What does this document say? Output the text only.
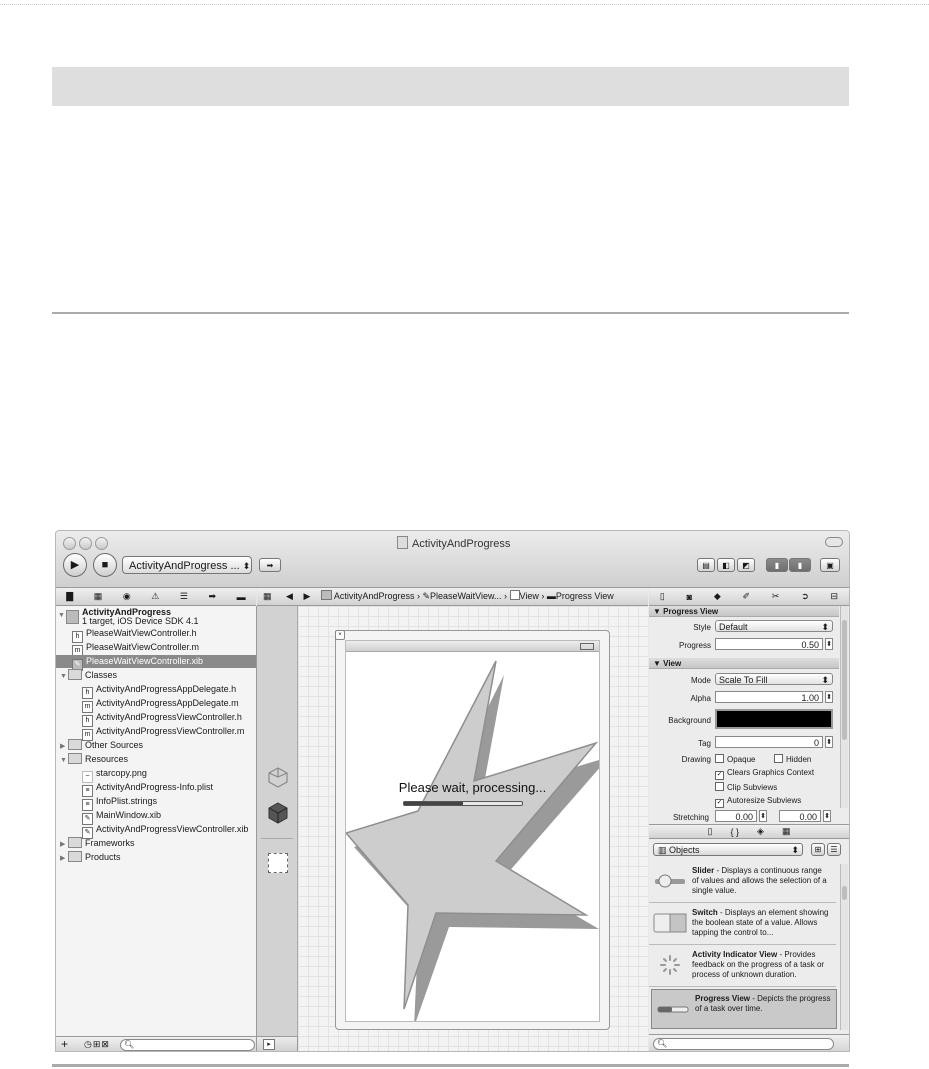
ActivityAndProgress
▶	■	ActivityAndProgress ... ⬍	➡	▤	◧	◩	▮	▮	▣
▇ ▦ ◉ ⚠ ☰ ➡ ▬
▼ ActivityAndProgress
1 target, iOS Device SDK 4.1
h PleaseWaitViewController.h
m PleaseWaitViewController.m
✎ PleaseWaitViewController.xib
▼ Classes
h ActivityAndProgressAppDelegate.h
m ActivityAndProgressAppDelegate.m
h ActivityAndProgressViewController.h
m ActivityAndProgressViewController.m
▶ Other Sources
▼ Resources
~ starcopy.png
≡ ActivityAndProgress-Info.plist
≡ InfoPlist.strings
✎ MainWindow.xib
✎ ActivityAndProgressViewController.xib
▶ Frameworks
▶ Products
+ ◷⊞⊠	🔍︎
▦ ◀ ▶	ActivityAndProgress › ✎PleaseWaitView... › View › ▬Progress View
▸
×
Please wait, processing...
▯ ◙ ◆ ✐ ✂ ➲ ⊟
▼ Progress View
Style Default	⬍
Progress	0.50	⬍
▼ View
Mode Scale To Fill	⬍
Alpha	1.00	⬍
Background
Tag	0	⬍
Drawing	Opaque	Hidden
✓ Clears Graphics Context
Clip Subviews
✓ Autoresize Subviews
Stretching	0.00	⬍	0.00	⬍
▯ { } ◈ ▦
▥ Objects	⬍	⊞	☰
Slider - Displays a continuous range of values and allows the selection of a single value.
Switch - Displays an element showing the boolean state of a value. Allows tapping the control to...
Activity Indicator View - Provides feedback on the progress of a task or process of unknown duration.
Progress View - Depicts the progress of a task over time.
🔍︎
